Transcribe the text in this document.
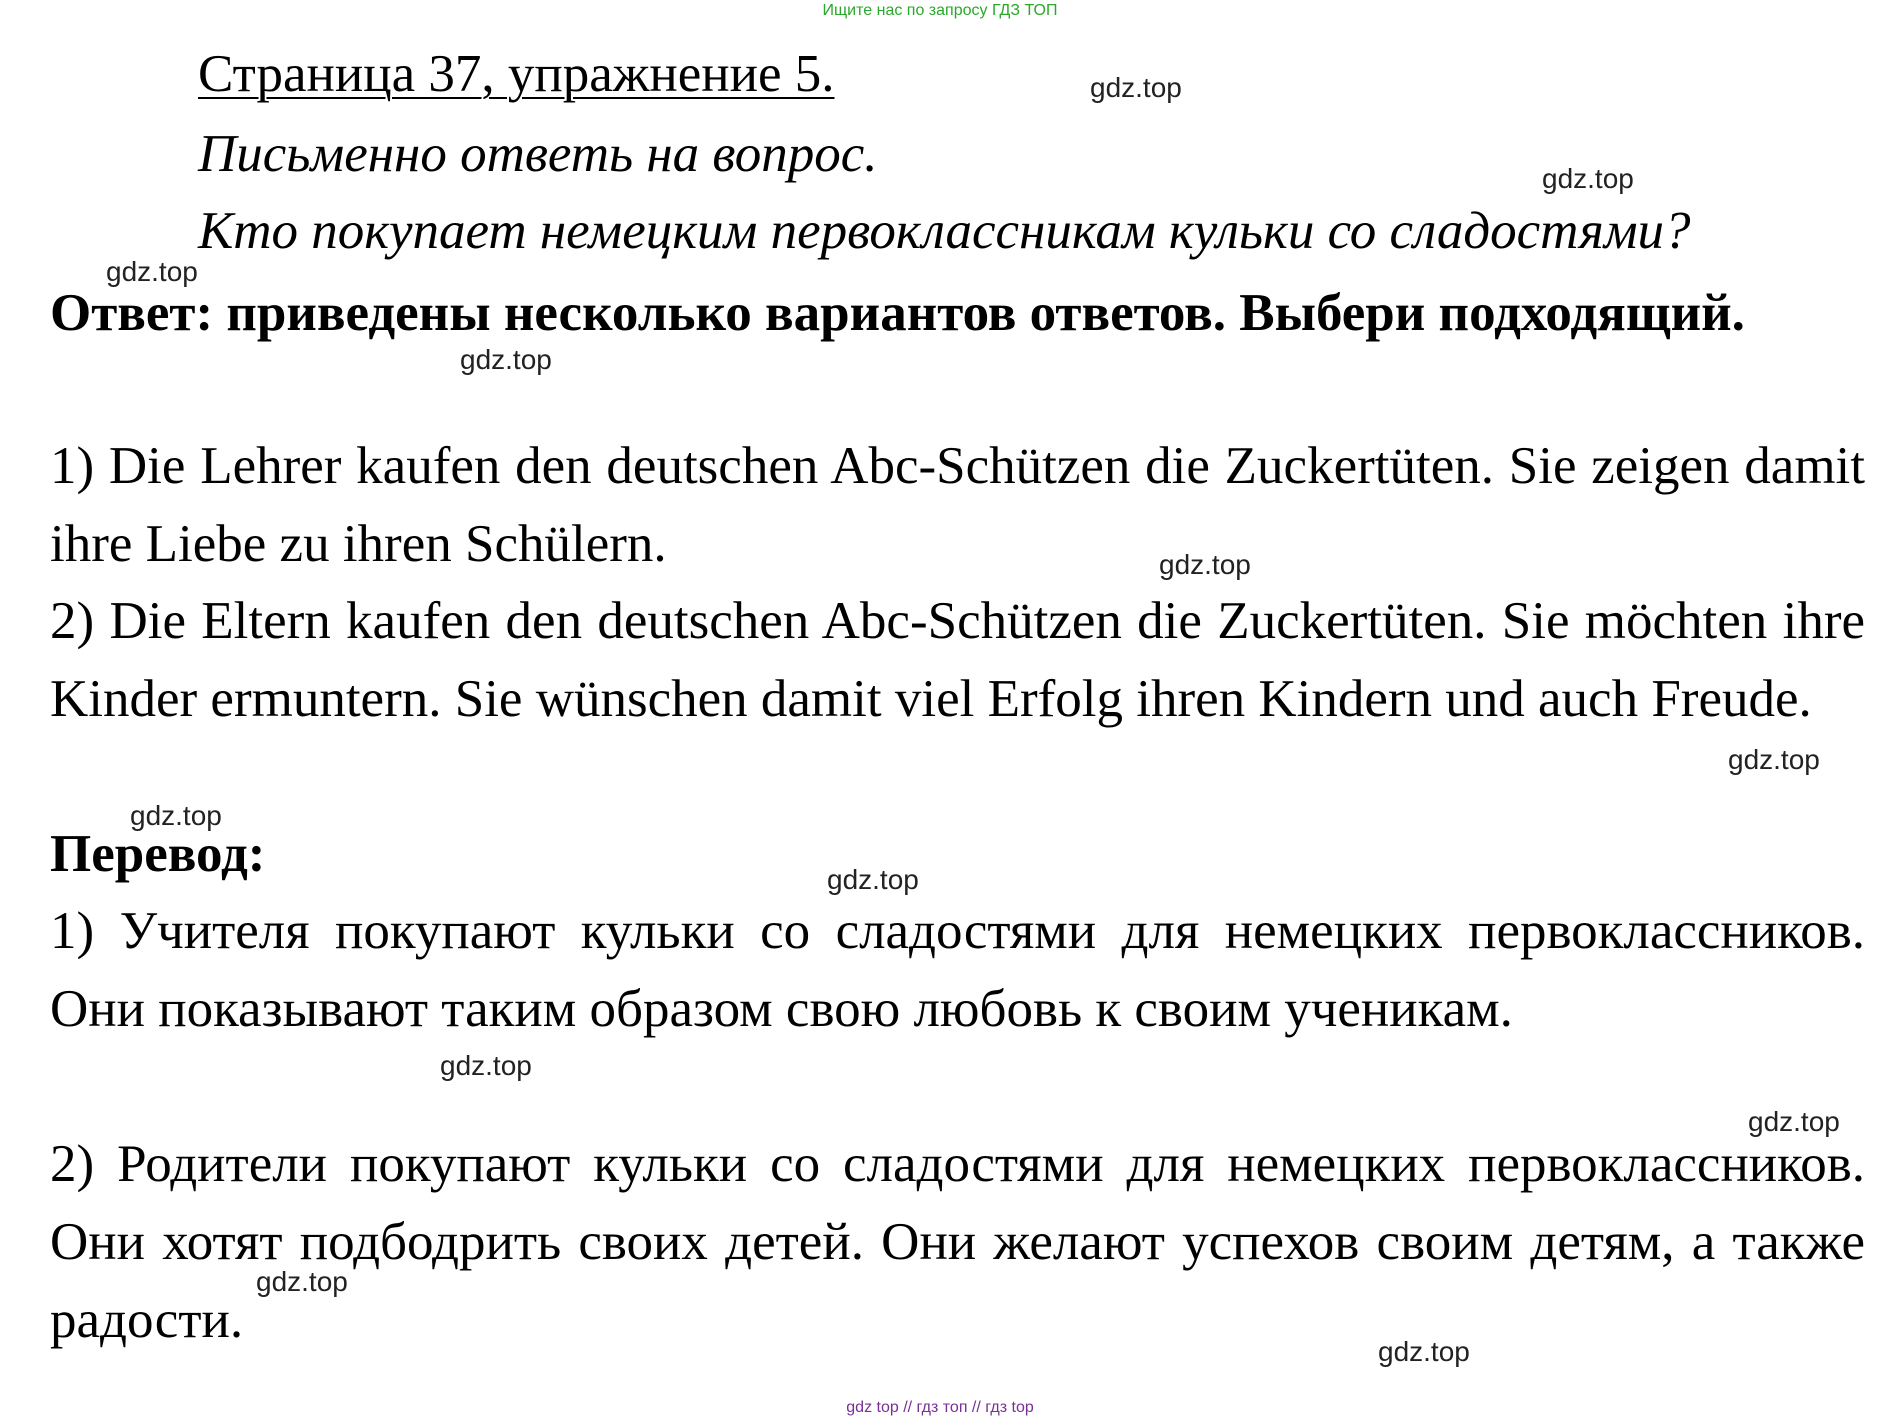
Ищите нас по запросу ГДЗ ТОП
Страница 37, упражнение 5.
Письменно ответь на вопрос.
Кто покупает немецким первоклассникам кульки со сладостями?
Ответ: приведены несколько вариантов ответов. Выбери подходящий.
1) Die Lehrer kaufen den deutschen Abc-Schützen die Zuckertüten. Sie zeigen damit ihre Liebe zu ihren Schülern.
2) Die Eltern kaufen den deutschen Abc-Schützen die Zuckertüten. Sie möchten ihre Kinder ermuntern. Sie wünschen damit viel Erfolg ihren Kindern und auch Freude.
Перевод:
1) Учителя покупают кульки со сладостями для немецких первоклассников. Они показывают таким образом свою любовь к своим ученикам.
2) Родители покупают кульки со сладостями для немецких первоклассников. Они хотят подбодрить своих детей. Они желают успехов своим детям, а также радости.
gdz.top
gdz.top
gdz.top
gdz.top
gdz.top
gdz.top
gdz.top
gdz.top
gdz.top
gdz.top
gdz.top
gdz.top
gdz top // гдз топ // гдз top
